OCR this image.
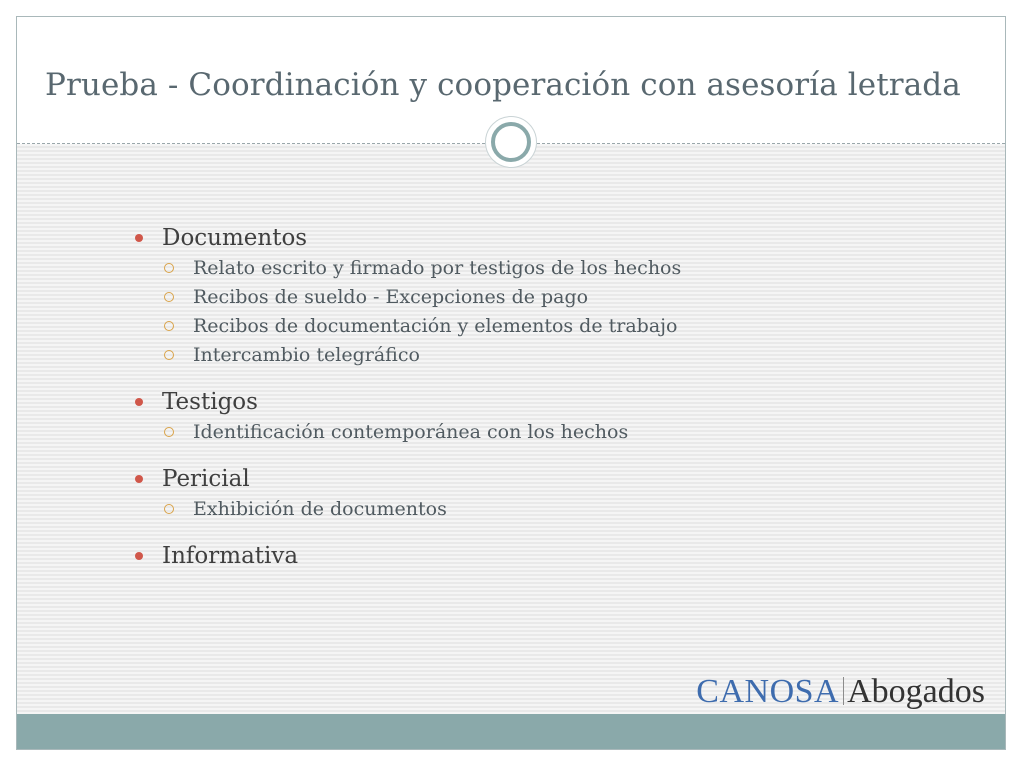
Prueba - Coordinación y cooperación con asesoría letrada
Documentos
Relato escrito y firmado por testigos de los hechos
Recibos de sueldo - Excepciones de pago
Recibos de documentación y elementos de trabajo
Intercambio telegráfico
Testigos
Identificación contemporánea con los hechos
Pericial
Exhibición de documentos
Informativa
CANOSA Abogados
